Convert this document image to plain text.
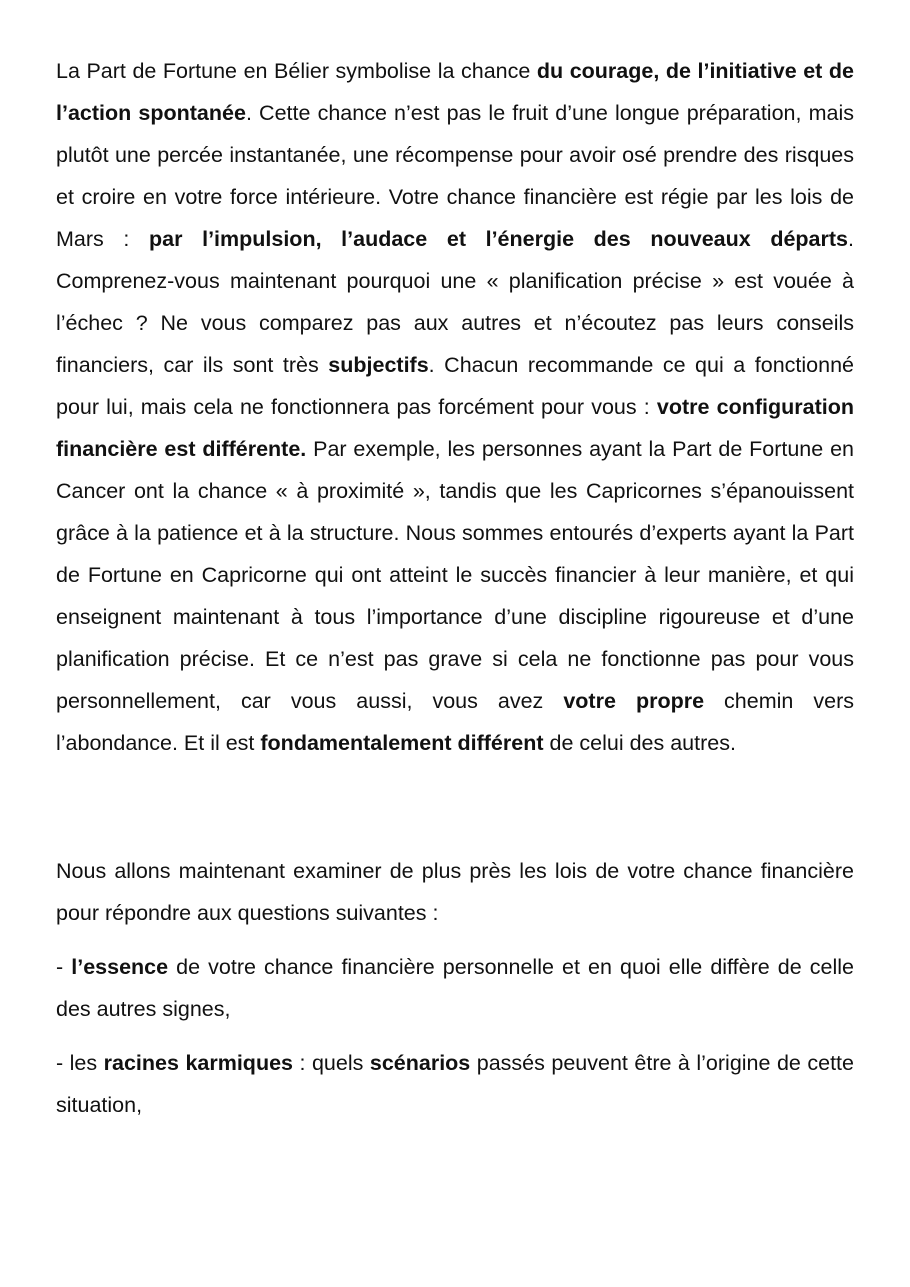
La Part de Fortune en Bélier symbolise la chance du courage, de l’initiative et de l’action spontanée. Cette chance n’est pas le fruit d’une longue préparation, mais plutôt une percée instantanée, une récompense pour avoir osé prendre des risques et croire en votre force intérieure. Votre chance financière est régie par les lois de Mars : par l’impulsion, l’audace et l’énergie des nouveaux départs. Comprenez-vous maintenant pourquoi une « planification précise » est vouée à l’échec ? Ne vous comparez pas aux autres et n’écoutez pas leurs conseils financiers, car ils sont très subjectifs. Chacun recommande ce qui a fonctionné pour lui, mais cela ne fonctionnera pas forcément pour vous : votre configuration financière est différente. Par exemple, les personnes ayant la Part de Fortune en Cancer ont la chance « à proximité », tandis que les Capricornes s’épanouissent grâce à la patience et à la structure. Nous sommes entourés d’experts ayant la Part de Fortune en Capricorne qui ont atteint le succès financier à leur manière, et qui enseignent maintenant à tous l’importance d’une discipline rigoureuse et d’une planification précise. Et ce n’est pas grave si cela ne fonctionne pas pour vous personnellement, car vous aussi, vous avez votre propre chemin vers l’abondance. Et il est fondamentalement différent de celui des autres.

Nous allons maintenant examiner de plus près les lois de votre chance financière pour répondre aux questions suivantes :

- l’essence de votre chance financière personnelle et en quoi elle diffère de celle des autres signes,

- les racines karmiques : quels scénarios passés peuvent être à l’origine de cette situation,
